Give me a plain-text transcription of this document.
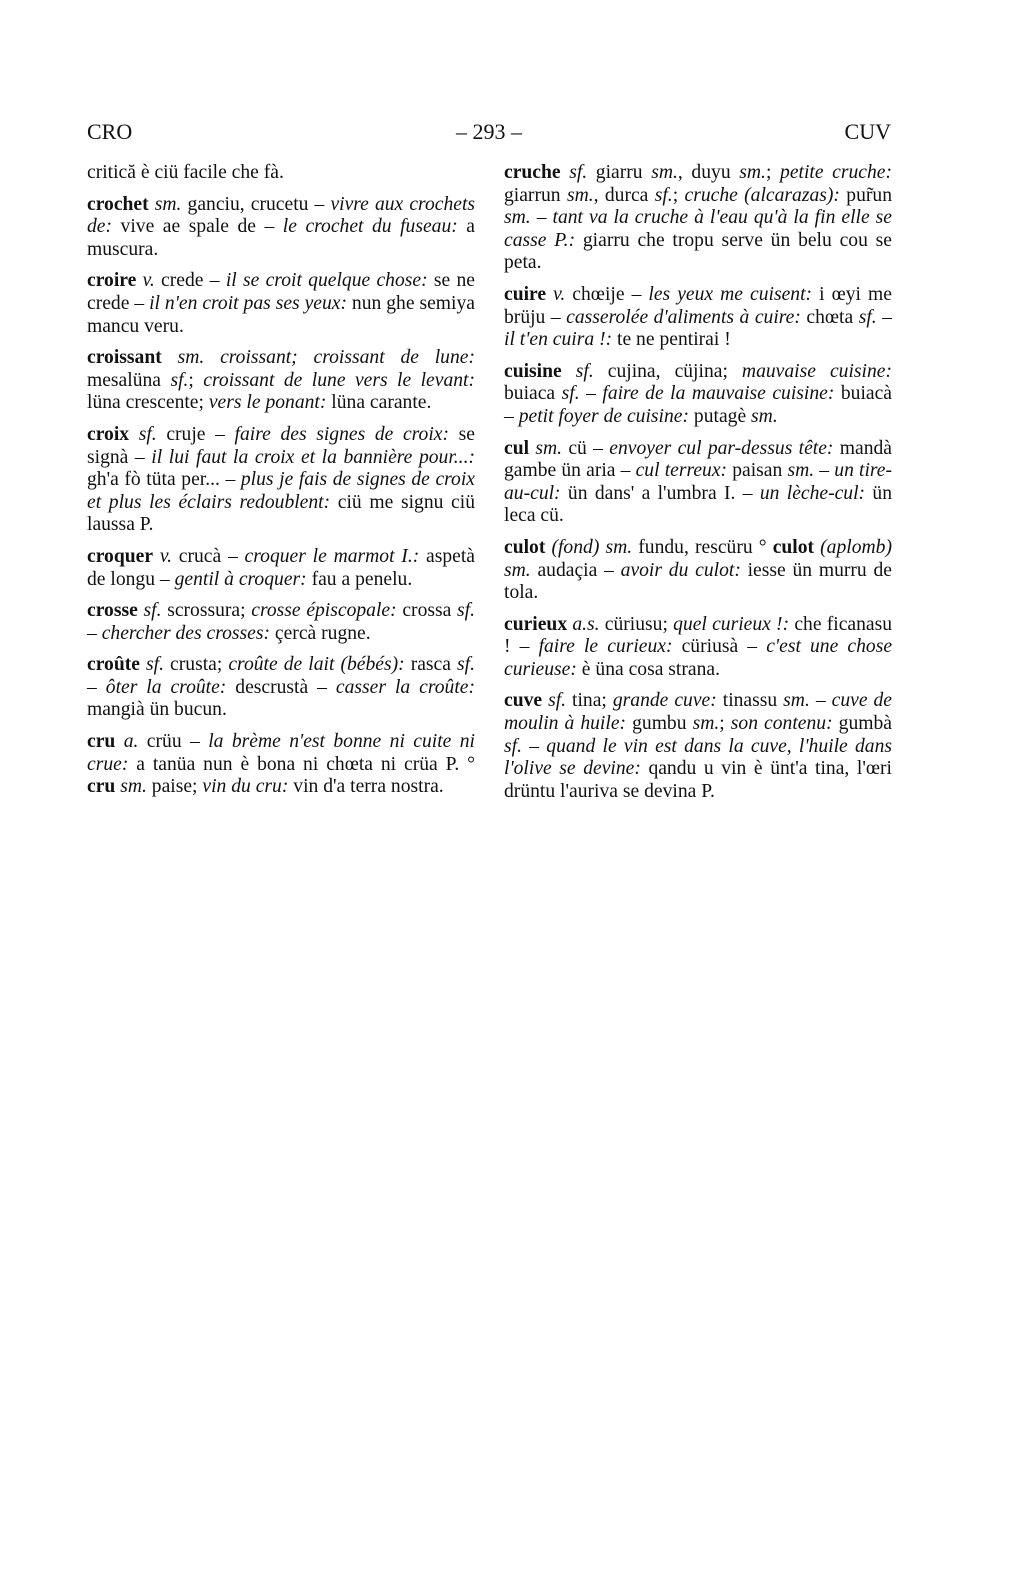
CRO	– 293 –	CUV

critică è ciü facile che fà.

crochet sm. ganciu, crucetu – vivre aux crochets de: vive ae spale de – le crochet du fuseau: a muscura.

croire v. crede – il se croit quelque chose: se ne crede – il n'en croit pas ses yeux: nun ghe semiya mancu veru.

croissant sm. croissant; croissant de lune: mesalüna sf.; croissant de lune vers le levant: lüna crescente; vers le ponant: lüna carante.

croix sf. cruje – faire des signes de croix: se signà – il lui faut la croix et la bannière pour...: gh'a fò tüta per... – plus je fais de signes de croix et plus les éclairs redoublent: ciü me signu ciü laussa P.

croquer v. crucà – croquer le marmot I.: aspetà de longu – gentil à croquer: fau a penelu.

crosse sf. scrossura; crosse épiscopale: crossa sf. – chercher des crosses: çercà rugne.

croûte sf. crusta; croûte de lait (bébés): rasca sf. – ôter la croûte: descrustà – casser la croûte: mangià ün bucun.

cru a. crüu – la brème n'est bonne ni cuite ni crue: a tanüa nun è bona ni chœta ni crüa P. ° cru sm. paise; vin du cru: vin d'a terra nostra.

cruche sf. giarru sm., duyu sm.; petite cruche: giarrun sm., durca sf.; cruche (alcarazas): pur̃un sm. – tant va la cruche à l'eau qu'à la fin elle se casse P.: giarru che tropu serve ün belu cou se peta.

cuire v. chœije – les yeux me cuisent: i œyi me brüju – casserolée d'aliments à cuire: chœta sf. – il t'en cuira !: te ne pentirai !

cuisine sf. cujina, cüjina; mauvaise cuisine: buiaca sf. – faire de la mauvaise cuisine: buiacà – petit foyer de cuisine: putagè sm.

cul sm. cü – envoyer cul par-dessus tête: mandà gambe ün aria – cul terreux: paisan sm. – un tire-au-cul: ün dans' a l'umbra I. – un lèche-cul: ün leca cü.

culot (fond) sm. fundu, rescüru ° culot (aplomb) sm. audaçia – avoir du culot: iesse ün murru de tola.

curieux a.s. cüriusu; quel curieux !: che ficanasu ! – faire le curieux: cüriusà – c'est une chose curieuse: è üna cosa strana.

cuve sf. tina; grande cuve: tinassu sm. – cuve de moulin à huile: gumbu sm.; son contenu: gumbà sf. – quand le vin est dans la cuve, l'huile dans l'olive se devine: qandu u vin è ünt'a tina, l'œri drüntu l'auriva se devina P.
